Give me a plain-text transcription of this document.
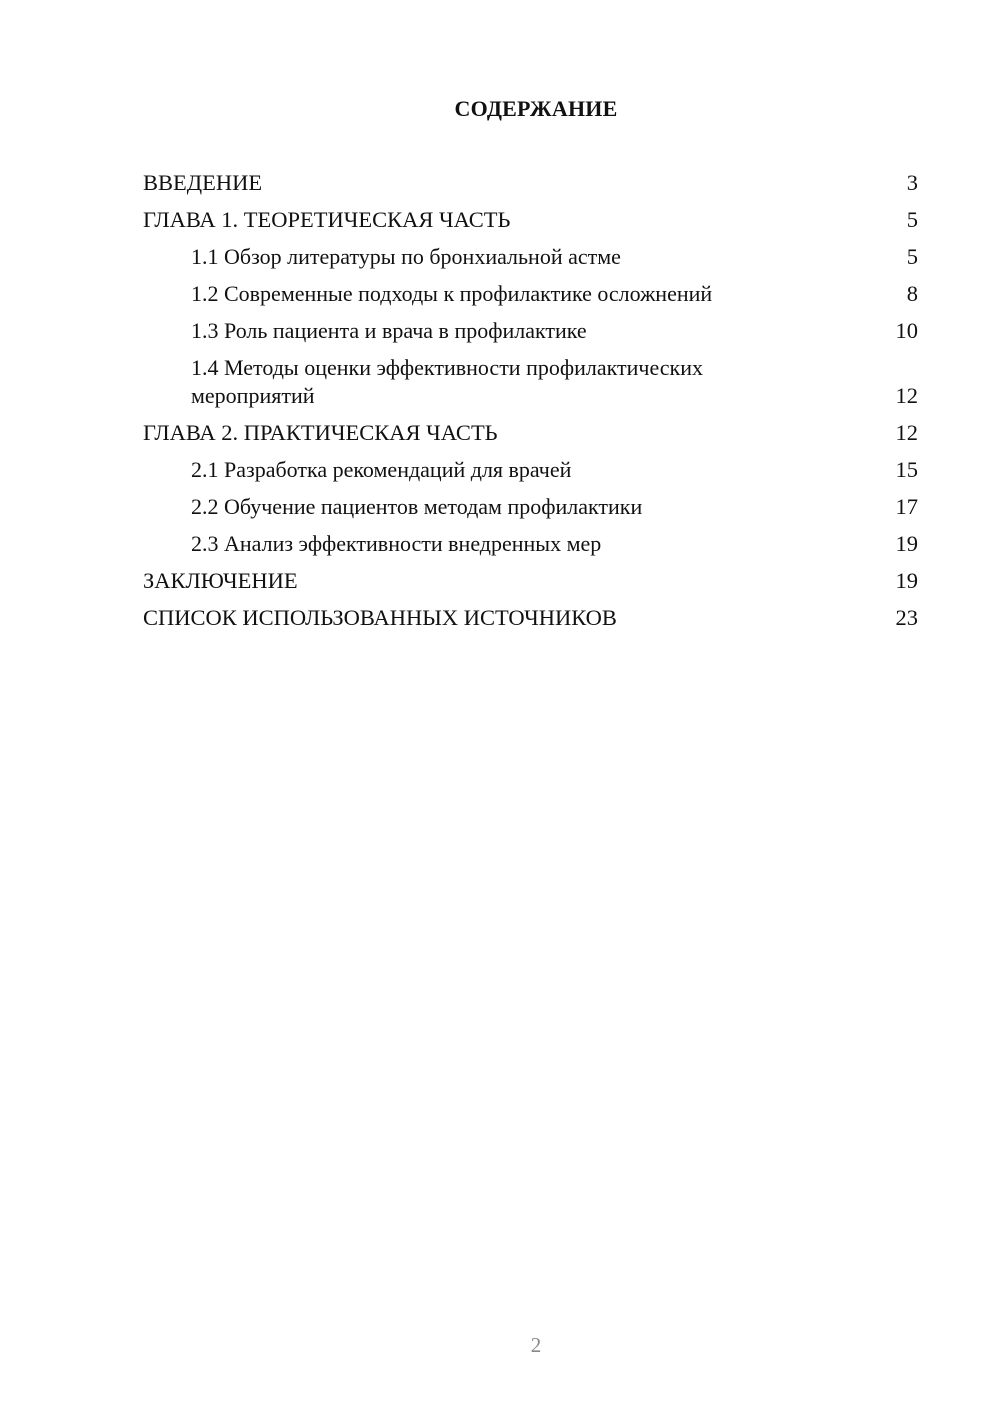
СОДЕРЖАНИЕ
ВВЕДЕНИЕ	3
ГЛАВА 1. ТЕОРЕТИЧЕСКАЯ ЧАСТЬ	5
1.1 Обзор литературы по бронхиальной астме	5
1.2 Современные подходы к профилактике осложнений	8
1.3 Роль пациента и врача в профилактике	10
1.4 Методы оценки эффективности профилактических мероприятий	12
ГЛАВА 2. ПРАКТИЧЕСКАЯ ЧАСТЬ	12
2.1 Разработка рекомендаций для врачей	15
2.2 Обучение пациентов методам профилактики	17
2.3 Анализ эффективности внедренных мер	19
ЗАКЛЮЧЕНИЕ	19
СПИСОК ИСПОЛЬЗОВАННЫХ ИСТОЧНИКОВ	23
2
